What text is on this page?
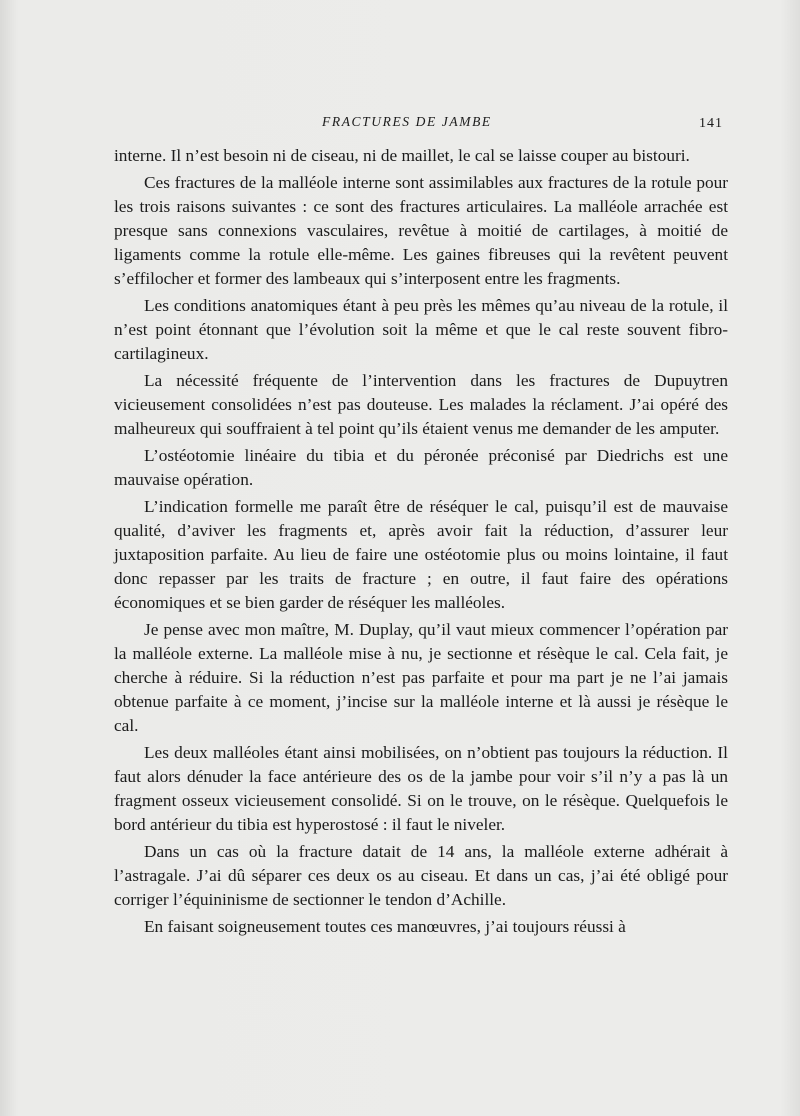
FRACTURES DE JAMBE	141

interne. Il n’est besoin ni de ciseau, ni de maillet, le cal se laisse couper au bistouri.

Ces fractures de la malléole interne sont assimilables aux fractures de la rotule pour les trois raisons suivantes : ce sont des fractures articulaires. La malléole arrachée est presque sans connexions vasculaires, revêtue à moitié de cartilages, à moitié de ligaments comme la rotule elle-même. Les gaines fibreuses qui la revêtent peuvent s’effilocher et former des lambeaux qui s’interposent entre les fragments.

Les conditions anatomiques étant à peu près les mêmes qu’au niveau de la rotule, il n’est point étonnant que l’évolution soit la même et que le cal reste souvent fibro-cartilagineux.

La nécessité fréquente de l’intervention dans les fractures de Dupuytren vicieusement consolidées n’est pas douteuse. Les malades la réclament. J’ai opéré des malheureux qui souffraient à tel point qu’ils étaient venus me demander de les amputer.

L’ostéotomie linéaire du tibia et du péronée préconisé par Diedrichs est une mauvaise opération.

L’indication formelle me paraît être de réséquer le cal, puisqu’il est de mauvaise qualité, d’aviver les fragments et, après avoir fait la réduction, d’assurer leur juxtaposition parfaite. Au lieu de faire une ostéotomie plus ou moins lointaine, il faut donc repasser par les traits de fracture ; en outre, il faut faire des opérations économiques et se bien garder de réséquer les malléoles.

Je pense avec mon maître, M. Duplay, qu’il vaut mieux commencer l’opération par la malléole externe. La malléole mise à nu, je sectionne et résèque le cal. Cela fait, je cherche à réduire. Si la réduction n’est pas parfaite et pour ma part je ne l’ai jamais obtenue parfaite à ce moment, j’incise sur la malléole interne et là aussi je résèque le cal.

Les deux malléoles étant ainsi mobilisées, on n’obtient pas toujours la réduction. Il faut alors dénuder la face antérieure des os de la jambe pour voir s’il n’y a pas là un fragment osseux vicieusement consolidé. Si on le trouve, on le résèque. Quelquefois le bord antérieur du tibia est hyperostosé : il faut le niveler.

Dans un cas où la fracture datait de 14 ans, la malléole externe adhérait à l’astragale. J’ai dû séparer ces deux os au ciseau. Et dans un cas, j’ai été obligé pour corriger l’équininisme de sectionner le tendon d’Achille.

En faisant soigneusement toutes ces manœuvres, j’ai toujours réussi à
